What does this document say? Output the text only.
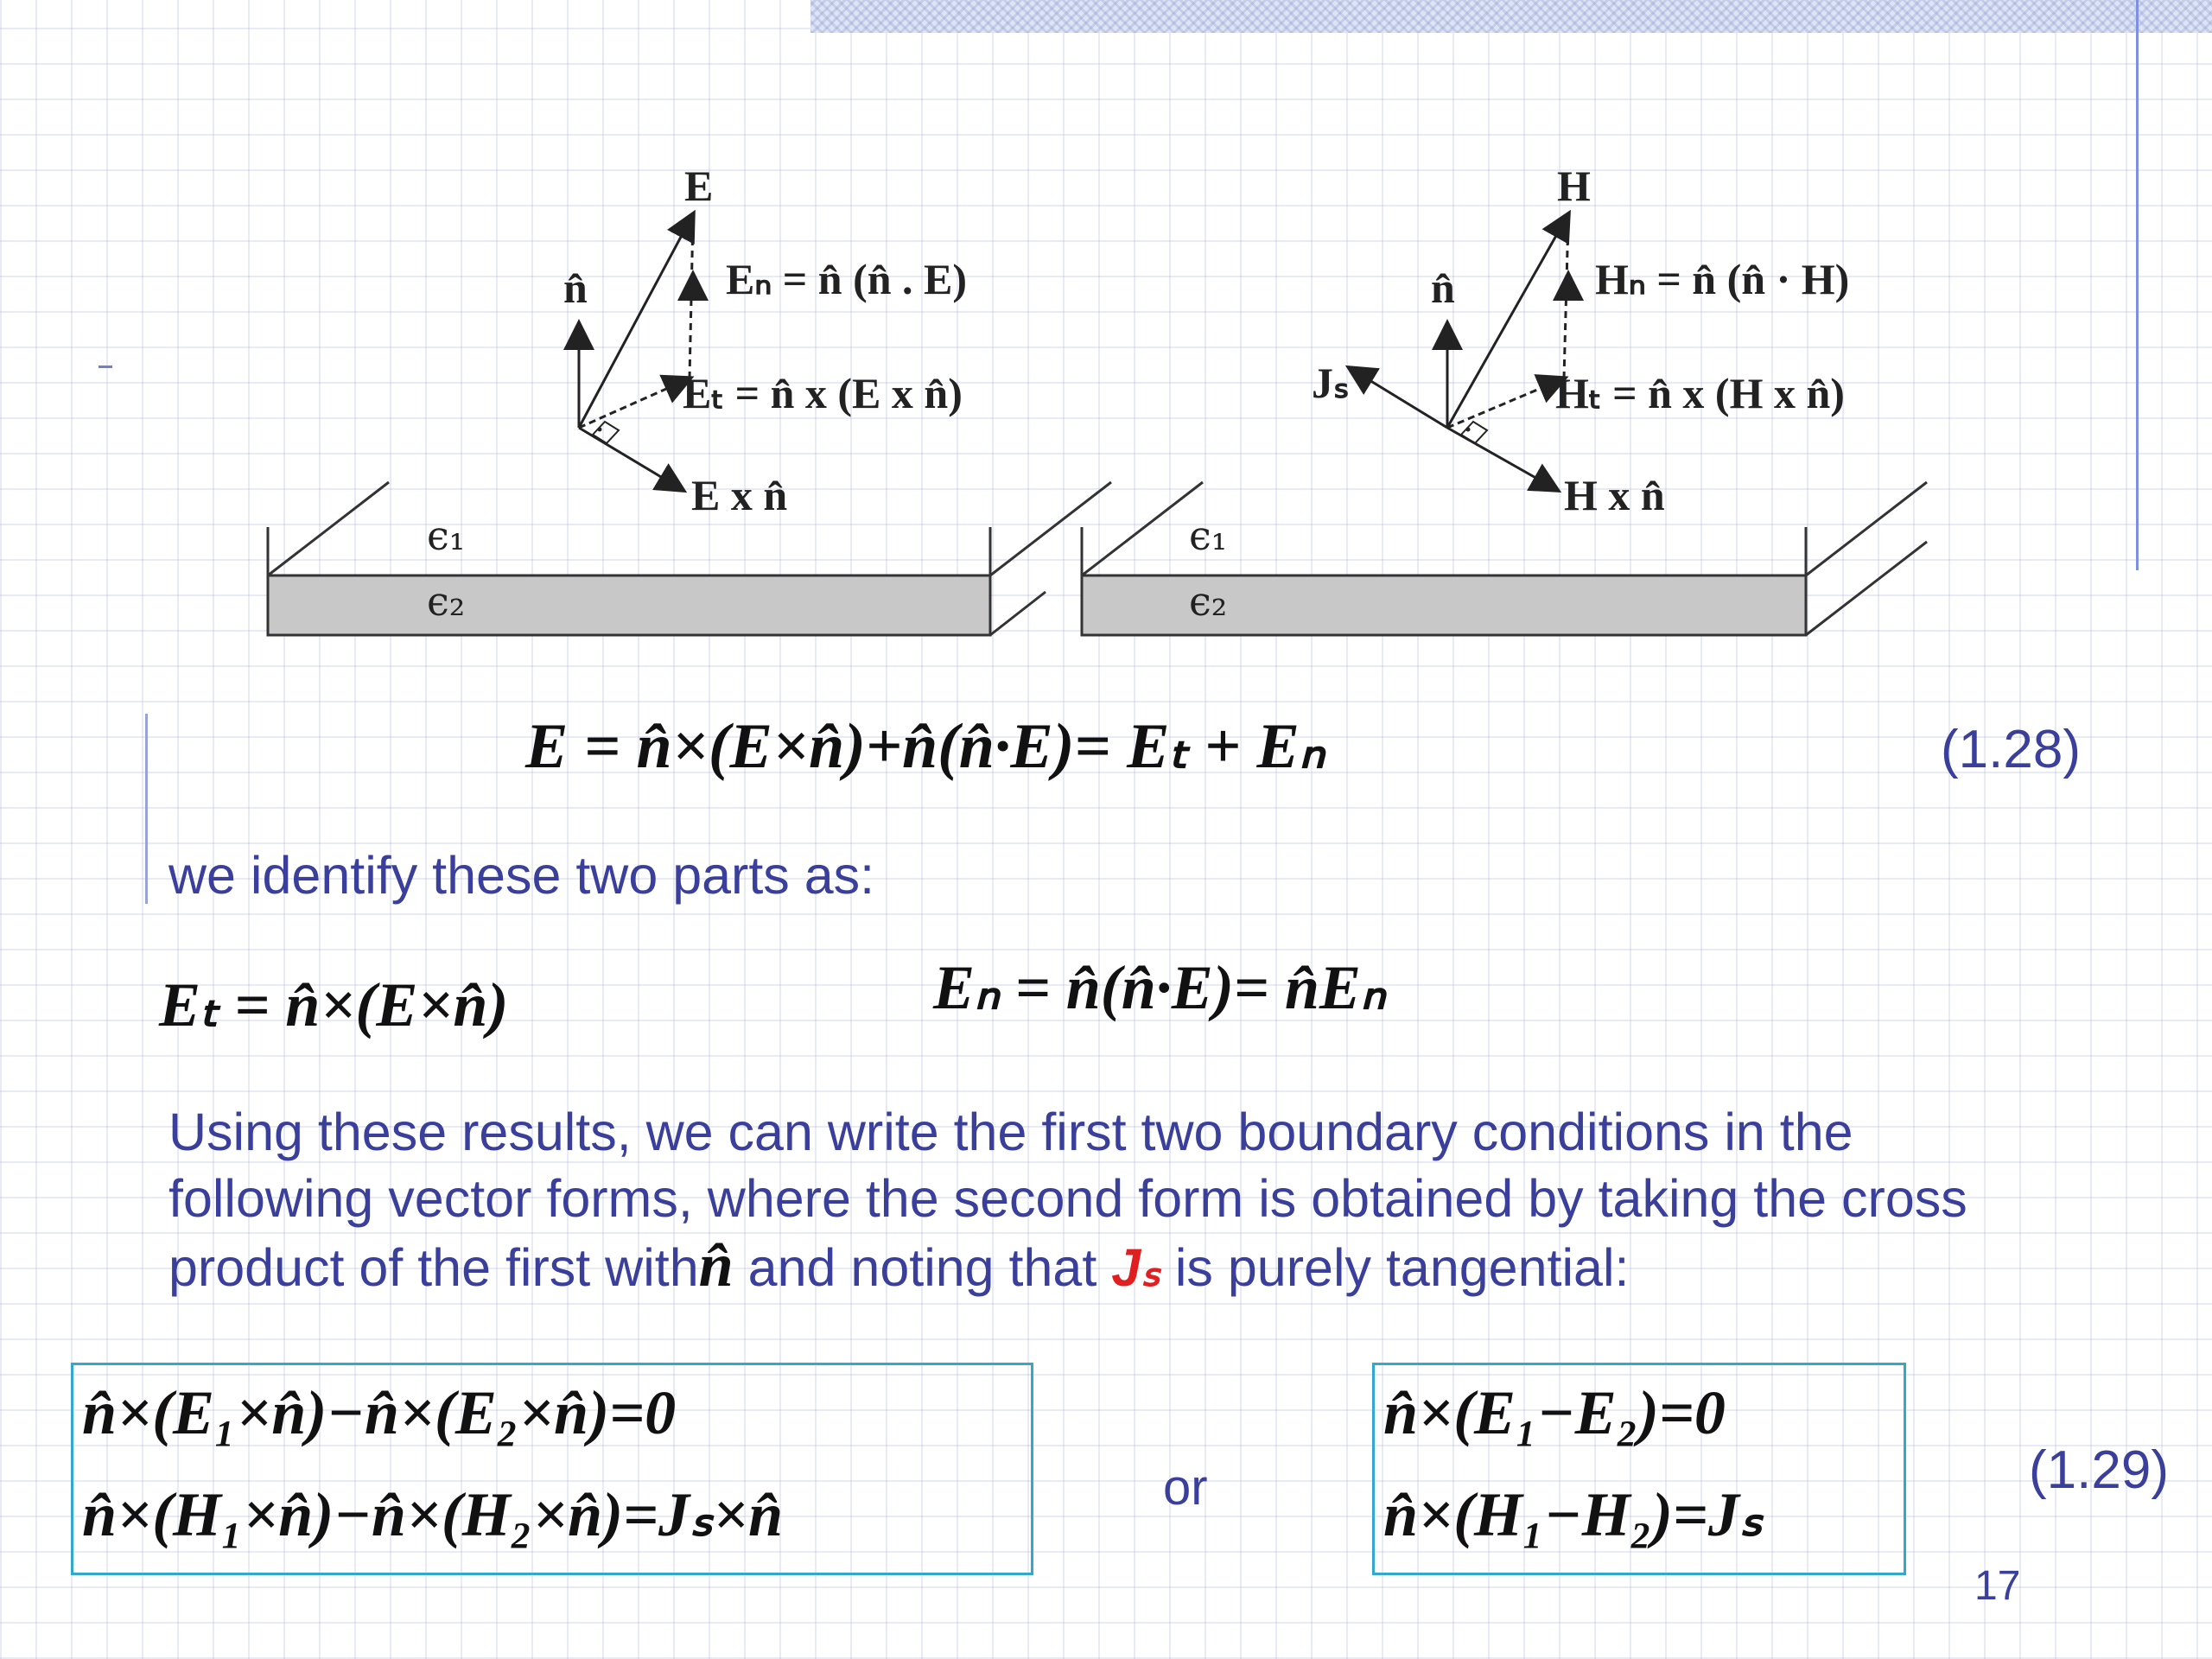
E
n̂	Eₙ = n̂ (n̂ . E)
Eₜ = n̂ x (E x n̂)
E x n̂
ϵ₁
ϵ₂
H
n̂
Jₛ
Hₙ = n̂ (n̂ · H)
Hₜ = n̂ x (H x n̂)
H x n̂
ϵ₁
ϵ₂
E = n̂×(E×n̂)+n̂(n̂·E)= Eₜ + Eₙ	(1.28)
we identify these two parts as:
Eₜ = n̂×(E×n̂)	Eₙ = n̂(n̂·E)= n̂Eₙ
Using these results, we can write the first two boundary conditions in the
following vector forms, where the second form is obtained by taking the cross
product of the first withn̂ and noting that Jₛ is purely tangential:
n̂×(E₁×n̂)−n̂×(E₂×n̂)=0
n̂×(H₁×n̂)−n̂×(H₂×n̂)=Jₛ×n̂	or
n̂×(E₁−E₂)=0
n̂×(H₁−H₂)=Jₛ
(1.29)
17
